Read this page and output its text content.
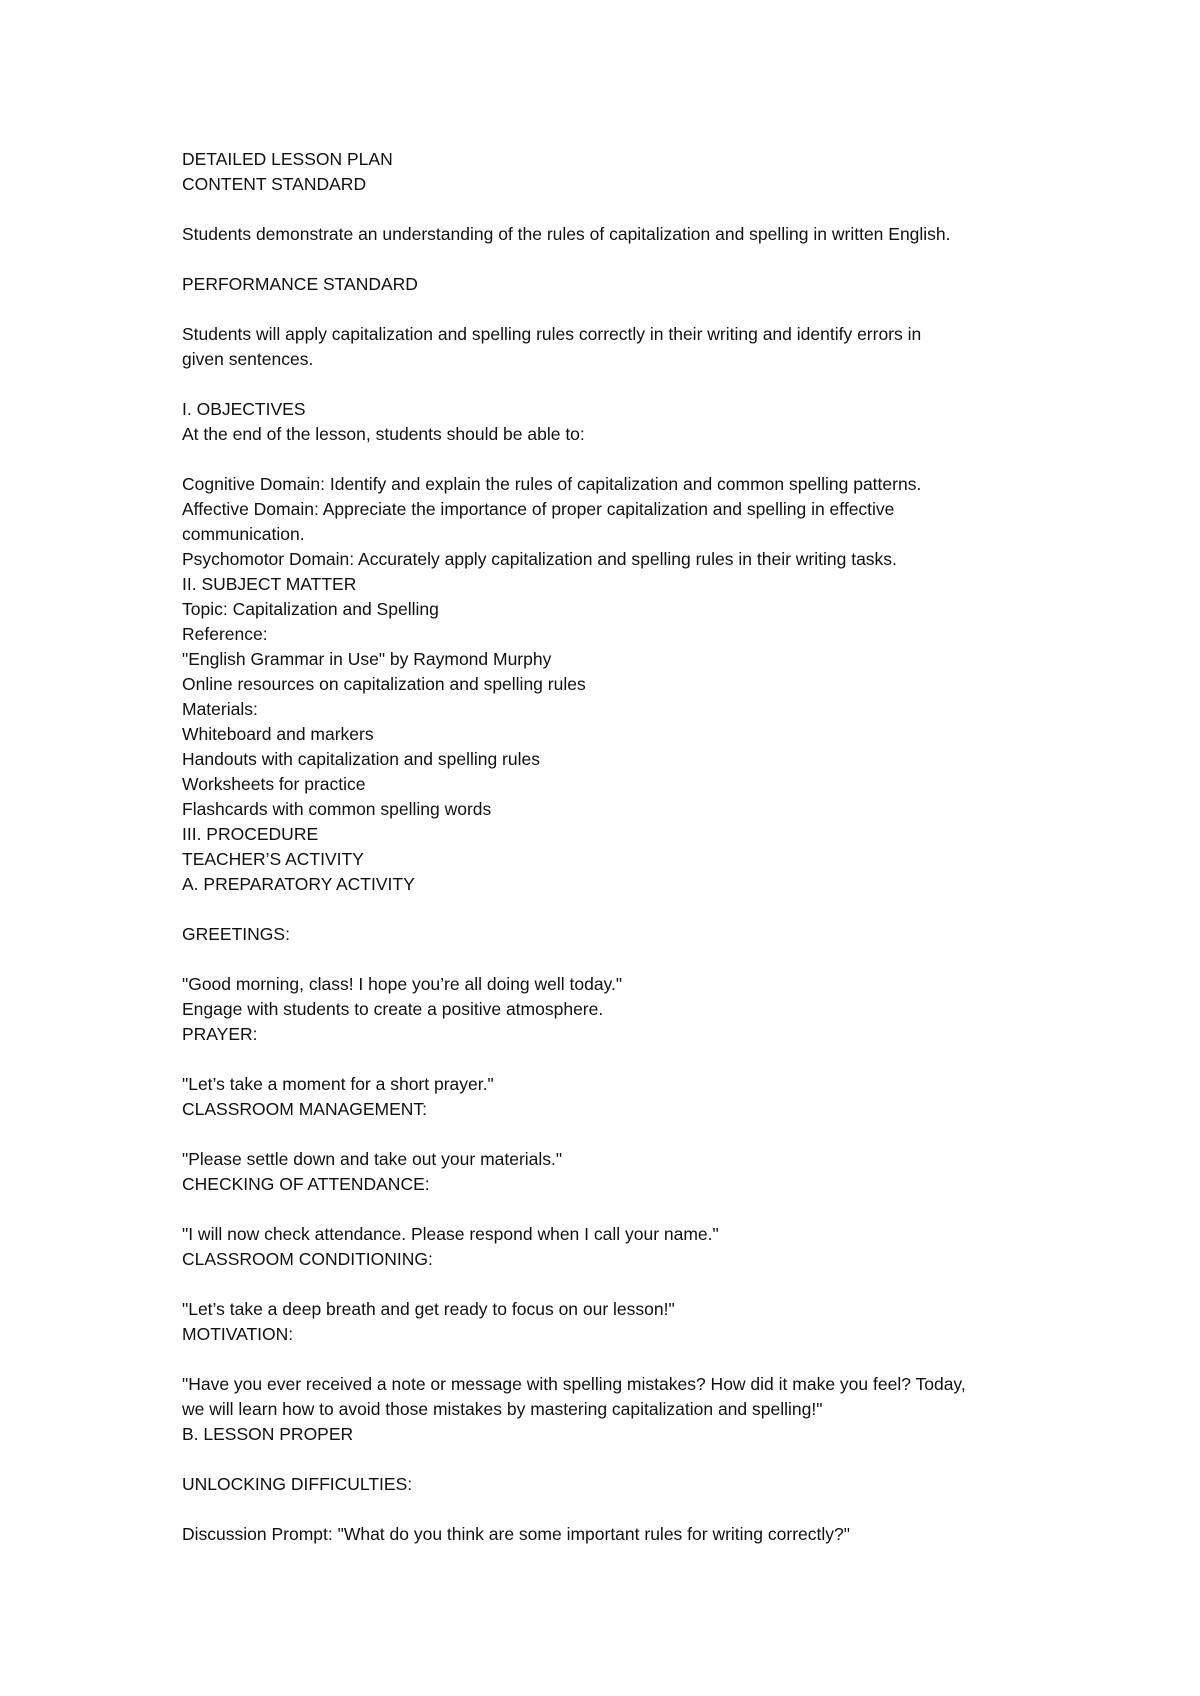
DETAILED LESSON PLAN
CONTENT STANDARD
Students demonstrate an understanding of the rules of capitalization and spelling in written English.
PERFORMANCE STANDARD
Students will apply capitalization and spelling rules correctly in their writing and identify errors in
given sentences.
I. OBJECTIVES
At the end of the lesson, students should be able to:
Cognitive Domain: Identify and explain the rules of capitalization and common spelling patterns.
Affective Domain: Appreciate the importance of proper capitalization and spelling in effective
communication.
Psychomotor Domain: Accurately apply capitalization and spelling rules in their writing tasks.
II. SUBJECT MATTER
Topic: Capitalization and Spelling
Reference:
"English Grammar in Use" by Raymond Murphy
Online resources on capitalization and spelling rules
Materials:
Whiteboard and markers
Handouts with capitalization and spelling rules
Worksheets for practice
Flashcards with common spelling words
III. PROCEDURE
TEACHER’S ACTIVITY
A. PREPARATORY ACTIVITY
GREETINGS:
"Good morning, class! I hope you’re all doing well today."
Engage with students to create a positive atmosphere.
PRAYER:
"Let’s take a moment for a short prayer."
CLASSROOM MANAGEMENT:
"Please settle down and take out your materials."
CHECKING OF ATTENDANCE:
"I will now check attendance. Please respond when I call your name."
CLASSROOM CONDITIONING:
"Let’s take a deep breath and get ready to focus on our lesson!"
MOTIVATION:
"Have you ever received a note or message with spelling mistakes? How did it make you feel? Today,
we will learn how to avoid those mistakes by mastering capitalization and spelling!"
B. LESSON PROPER
UNLOCKING DIFFICULTIES:
Discussion Prompt: "What do you think are some important rules for writing correctly?"
